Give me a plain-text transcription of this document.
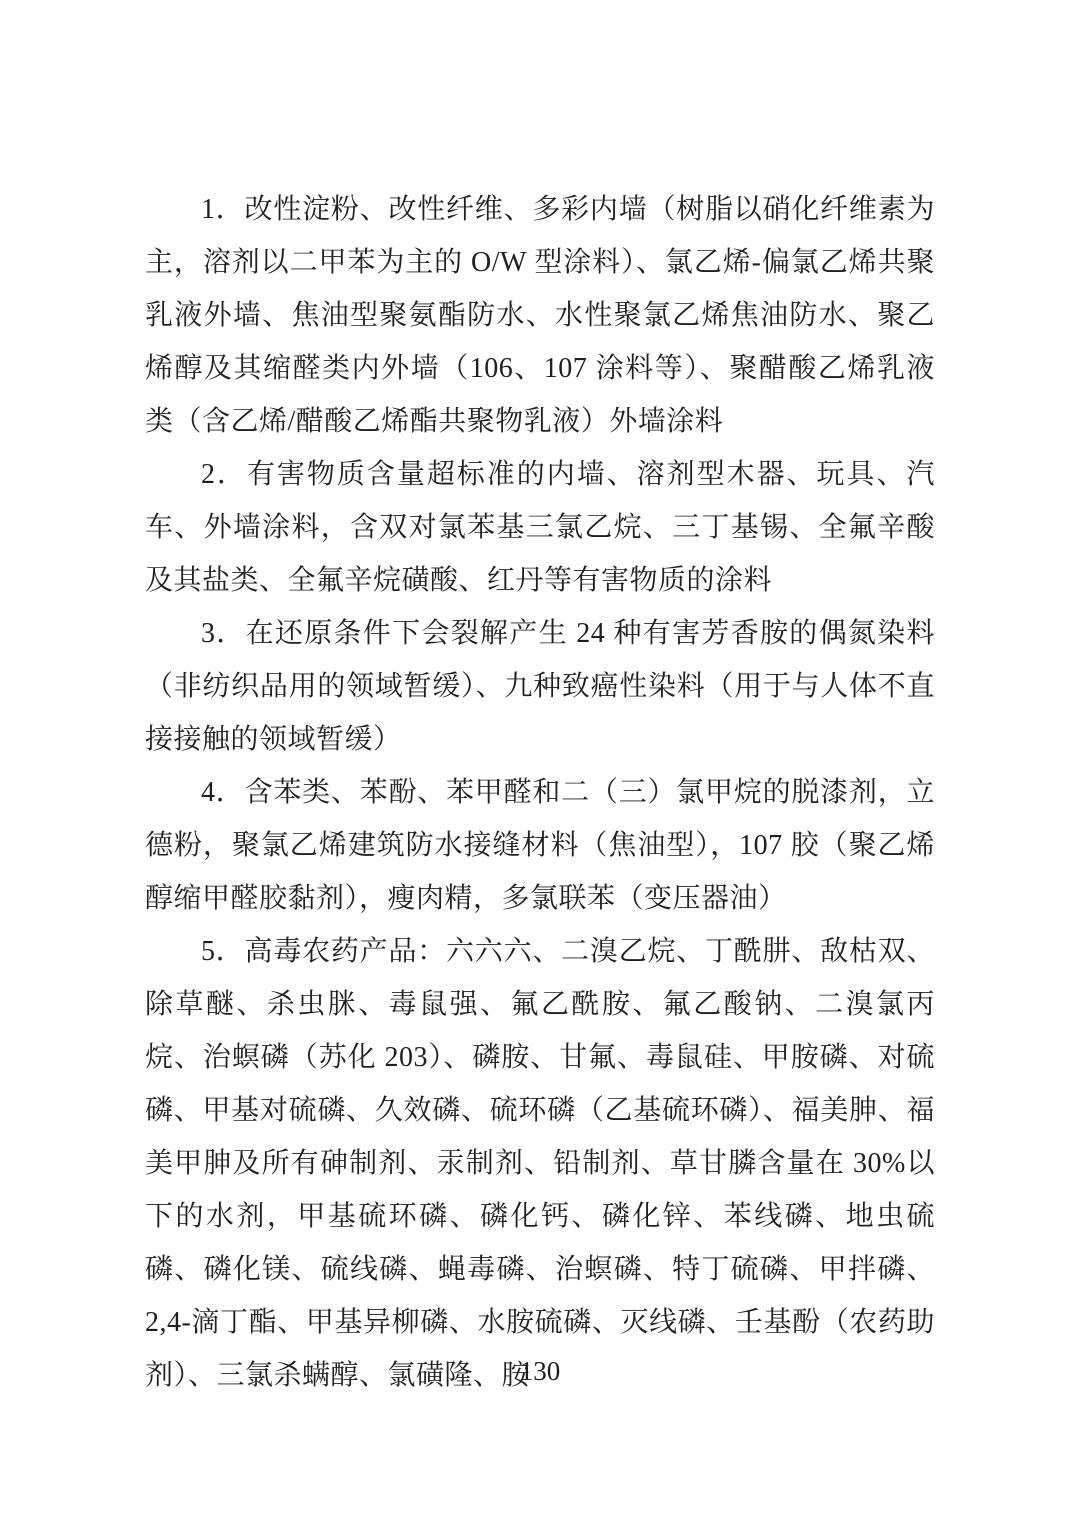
1．改性淀粉、改性纤维、多彩内墙（树脂以硝化纤维素为主，溶剂以二甲苯为主的 O/W 型涂料）、氯乙烯-偏氯乙烯共聚乳液外墙、焦油型聚氨酯防水、水性聚氯乙烯焦油防水、聚乙烯醇及其缩醛类内外墙（106、107 涂料等）、聚醋酸乙烯乳液类（含乙烯/醋酸乙烯酯共聚物乳液）外墙涂料

2．有害物质含量超标准的内墙、溶剂型木器、玩具、汽车、外墙涂料，含双对氯苯基三氯乙烷、三丁基锡、全氟辛酸及其盐类、全氟辛烷磺酸、红丹等有害物质的涂料

3．在还原条件下会裂解产生 24 种有害芳香胺的偶氮染料（非纺织品用的领域暂缓）、九种致癌性染料（用于与人体不直接接触的领域暂缓）

4．含苯类、苯酚、苯甲醛和二（三）氯甲烷的脱漆剂，立德粉，聚氯乙烯建筑防水接缝材料（焦油型），107 胶（聚乙烯醇缩甲醛胶黏剂），瘦肉精，多氯联苯（变压器油）

5．高毒农药产品：六六六、二溴乙烷、丁酰肼、敌枯双、除草醚、杀虫脒、毒鼠强、氟乙酰胺、氟乙酸钠、二溴氯丙烷、治螟磷（苏化 203）、磷胺、甘氟、毒鼠硅、甲胺磷、对硫磷、甲基对硫磷、久效磷、硫环磷（乙基硫环磷）、福美胂、福美甲胂及所有砷制剂、汞制剂、铅制剂、草甘膦含量在 30%以下的水剂，甲基硫环磷、磷化钙、磷化锌、苯线磷、地虫硫磷、磷化镁、硫线磷、蝇毒磷、治螟磷、特丁硫磷、甲拌磷、2,4-滴丁酯、甲基异柳磷、水胺硫磷、灭线磷、壬基酚（农药助剂）、三氯杀螨醇、氯磺隆、胺

130
